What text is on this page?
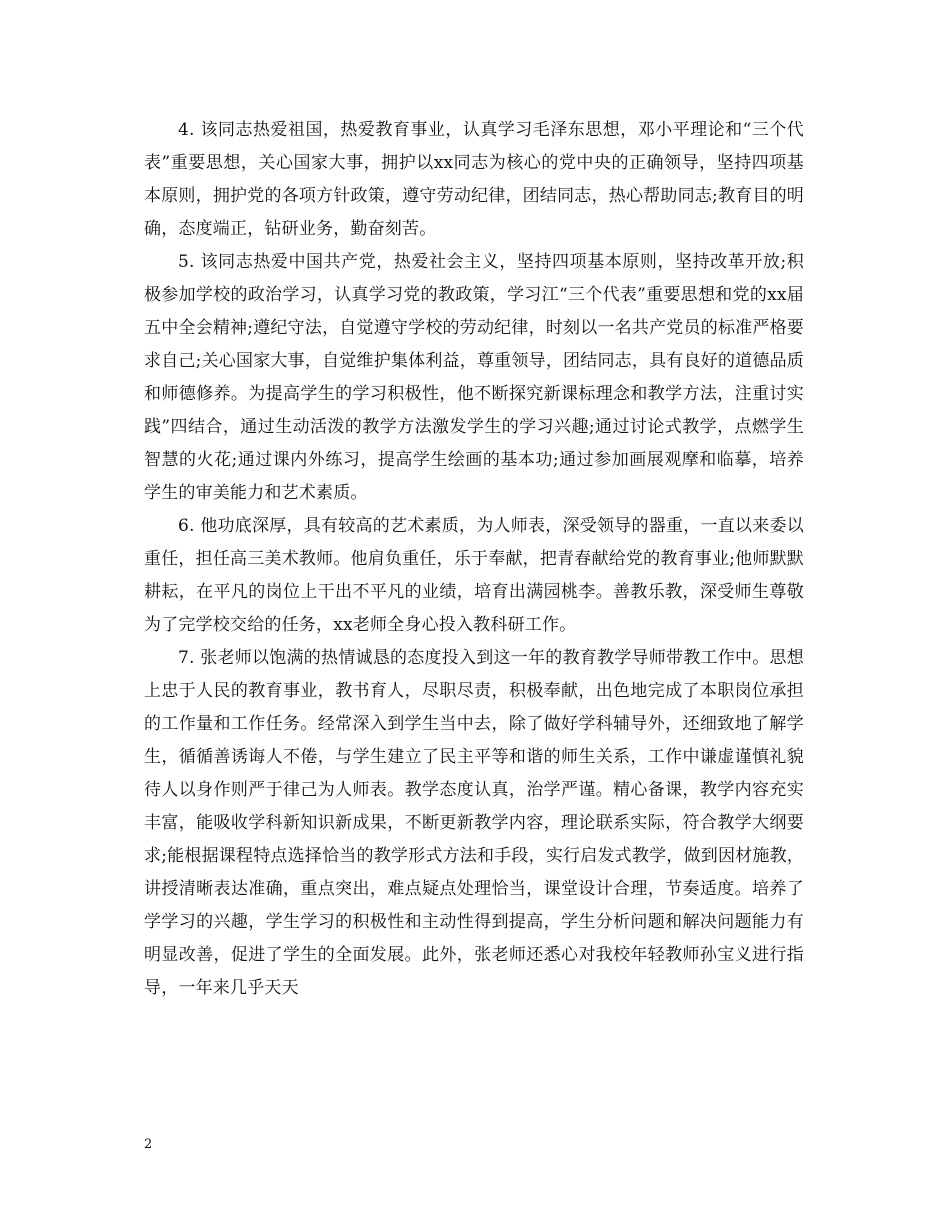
4. 该同志热爱祖国，热爱教育事业，认真学习毛泽东思想，邓小平理论和“三个代表”重要思想，关心国家大事，拥护以xx同志为核心的党中央的正确领导，坚持四项基本原则，拥护党的各项方针政策，遵守劳动纪律，团结同志，热心帮助同志;教育目的明确，态度端正，钻研业务，勤奋刻苦。

5. 该同志热爱中国共产党，热爱社会主义，坚持四项基本原则，坚持改革开放;积极参加学校的政治学习，认真学习党的教政策，学习江“三个代表”重要思想和党的xx届五中全会精神;遵纪守法，自觉遵守学校的劳动纪律，时刻以一名共产党员的标准严格要求自己;关心国家大事，自觉维护集体利益，尊重领导，团结同志，具有良好的道德品质和师德修养。为提高学生的学习积极性，他不断探究新课标理念和教学方法，注重讨实践”四结合，通过生动活泼的教学方法激发学生的学习兴趣;通过讨论式教学，点燃学生智慧的火花;通过课内外练习，提高学生绘画的基本功;通过参加画展观摩和临摹，培养学生的审美能力和艺术素质。

6. 他功底深厚，具有较高的艺术素质，为人师表，深受领导的器重，一直以来委以重任，担任高三美术教师。他肩负重任，乐于奉献，把青春献给党的教育事业;他师默默耕耘，在平凡的岗位上干出不平凡的业绩，培育出满园桃李。善教乐教，深受师生尊敬为了完学校交给的任务，xx老师全身心投入教科研工作。

7. 张老师以饱满的热情诚恳的态度投入到这一年的教育教学导师带教工作中。思想上忠于人民的教育事业，教书育人，尽职尽责，积极奉献，出色地完成了本职岗位承担的工作量和工作任务。经常深入到学生当中去，除了做好学科辅导外，还细致地了解学生，循循善诱诲人不倦，与学生建立了民主平等和谐的师生关系，工作中谦虚谨慎礼貌待人以身作则严于律己为人师表。教学态度认真，治学严谨。精心备课，教学内容充实丰富，能吸收学科新知识新成果，不断更新教学内容，理论联系实际，符合教学大纲要求;能根据课程特点选择恰当的教学形式方法和手段，实行启发式教学，做到因材施教，讲授清晰表达准确，重点突出，难点疑点处理恰当，课堂设计合理，节奏适度。培养了学学习的兴趣，学生学习的积极性和主动性得到提高，学生分析问题和解决问题能力有明显改善，促进了学生的全面发展。此外，张老师还悉心对我校年轻教师孙宝义进行指导，一年来几乎天天

2
